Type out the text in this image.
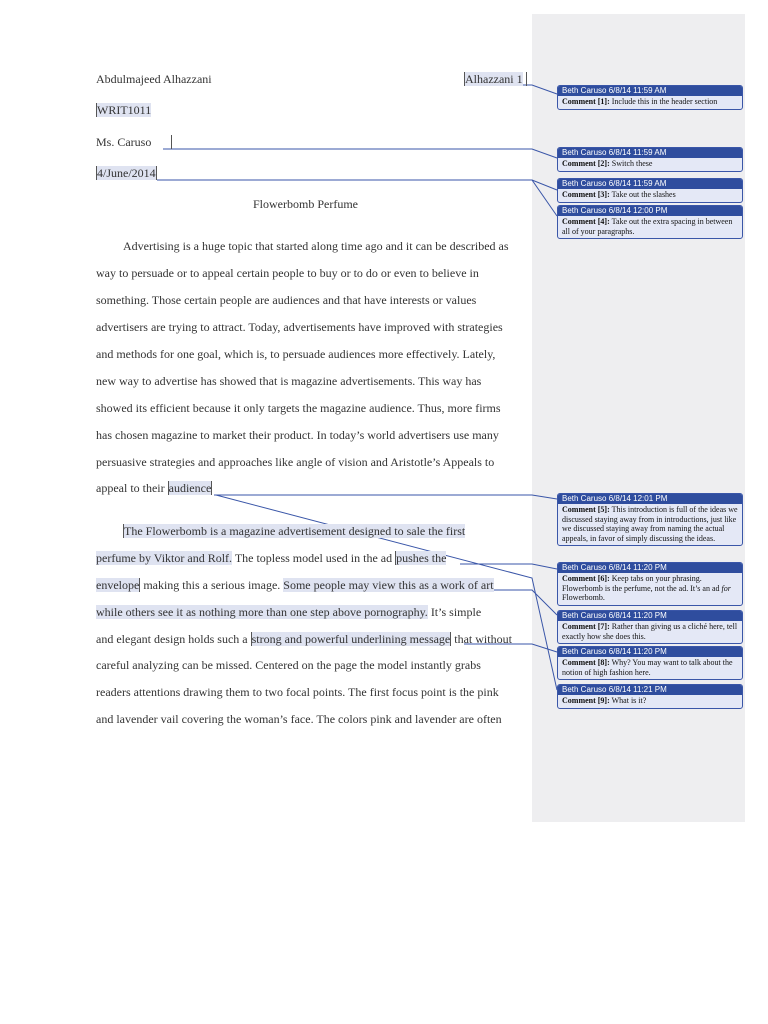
Abdulmajeed Alhazzani	Alhazzani 1
WRIT1011
Ms. Caruso
4/June/2014
Flowerbomb Perfume
Advertising is a huge topic that started along time ago and it can be described as
way to persuade or to appeal certain people to buy or to do or even to believe in
something. Those certain people are audiences and that have interests or values
advertisers are trying to attract. Today, advertisements have improved with strategies
and methods for one goal, which is, to persuade audiences more effectively. Lately,
new way to advertise has showed that is magazine advertisements. This way has
showed its efficient because it only targets the magazine audience. Thus, more firms
has chosen magazine to market their product. In today’s world advertisers use many
persuasive strategies and approaches like angle of vision and Aristotle’s Appeals to
appeal to their audience
The Flowerbomb is a magazine advertisement designed to sale the first
perfume by Viktor and Rolf. The topless model used in the ad pushes the
envelope making this a serious image. Some people may view this as a work of art
while others see it as nothing more than one step above pornography. It’s simple
and elegant design holds such a strong and powerful underlining message that without
careful analyzing can be missed. Centered on the page the model instantly grabs
readers attentions drawing them to two focal points. The first focus point is the pink
and lavender vail covering the woman’s face. The colors pink and lavender are often
Beth Caruso 6/8/14 11:59 AM
Comment [1]: Include this in the header section
Beth Caruso 6/8/14 11:59 AM
Comment [2]: Switch these
Beth Caruso 6/8/14 11:59 AM
Comment [3]: Take out the slashes
Beth Caruso 6/8/14 12:00 PM
Comment [4]: Take out the extra spacing in between all of your paragraphs.
Beth Caruso 6/8/14 12:01 PM
Comment [5]: This introduction is full of the ideas we discussed staying away from in introductions, just like we discussed staying away from naming the actual appeals, in favor of simply discussing the ideas.
Beth Caruso 6/8/14 11:20 PM
Comment [6]: Keep tabs on your phrasing. Flowerbomb is the perfume, not the ad. It’s an ad for Flowerbomb.
Beth Caruso 6/8/14 11:20 PM
Comment [7]: Rather than giving us a cliché here, tell exactly how she does this.
Beth Caruso 6/8/14 11:20 PM
Comment [8]: Why? You may want to talk about the notion of high fashion here.
Beth Caruso 6/8/14 11:21 PM
Comment [9]: What is it?
